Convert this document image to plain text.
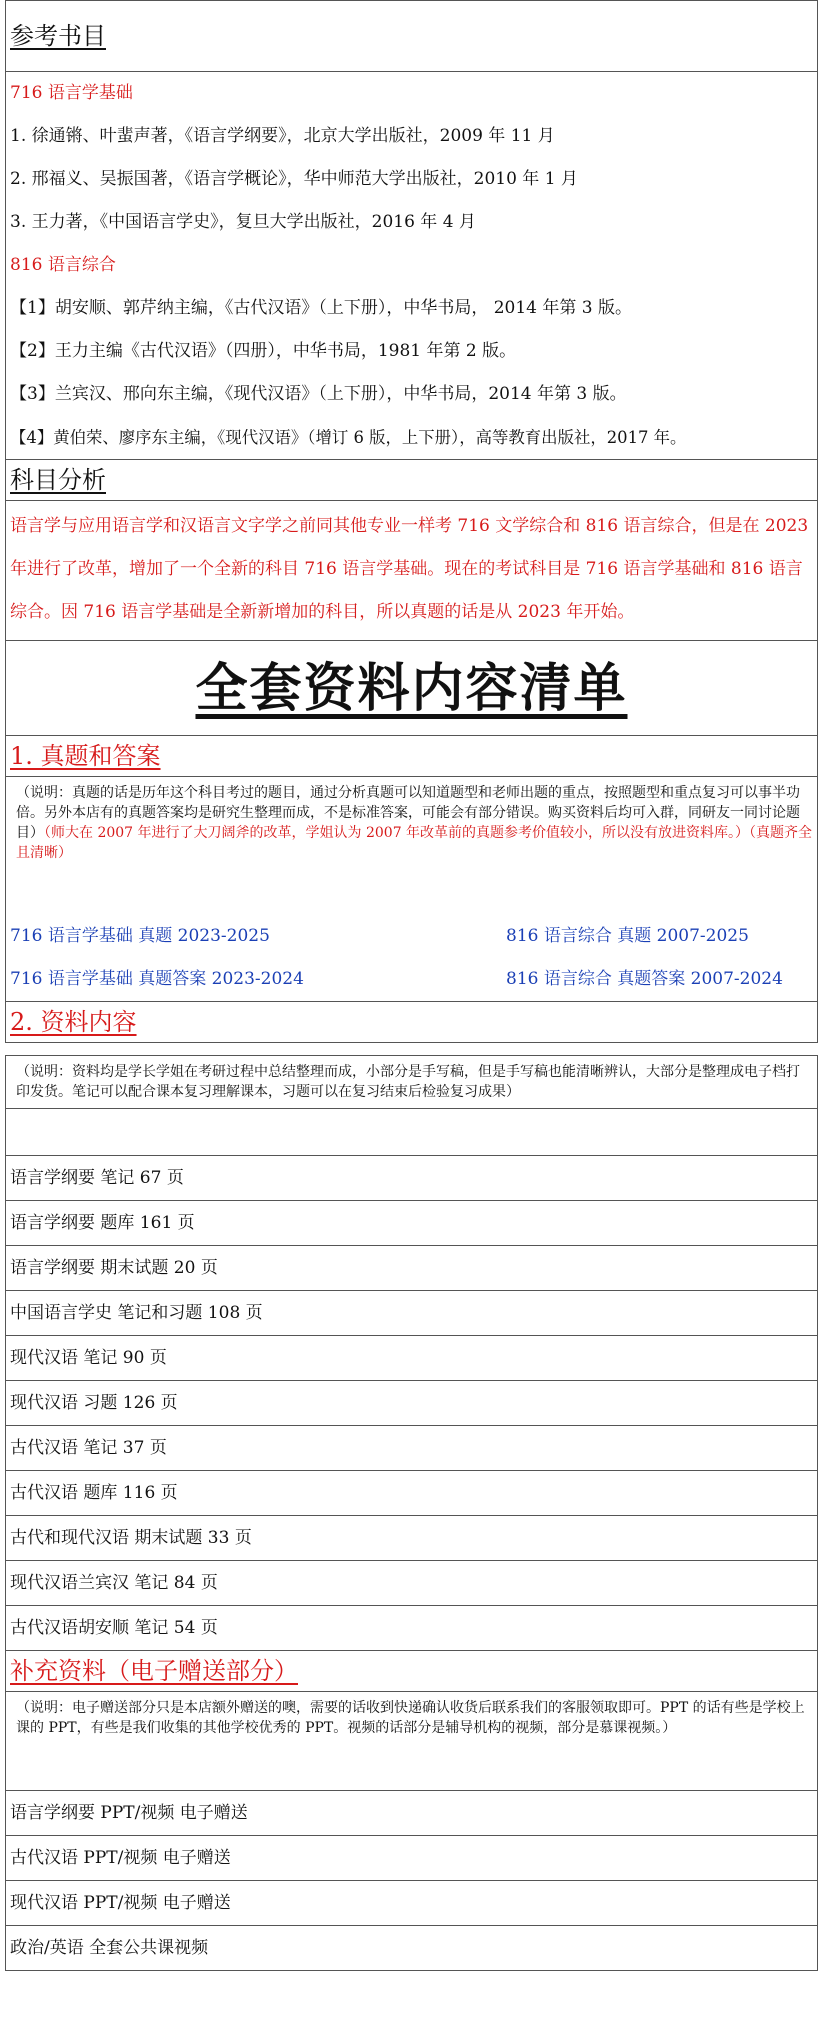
参考书目
716 语言学基础
1. 徐通锵、叶蜚声著，《语言学纲要》，北京大学出版社，2009 年 11 月
2. 邢福义、吴振国著，《语言学概论》，华中师范大学出版社，2010 年 1 月
3. 王力著，《中国语言学史》，复旦大学出版社，2016 年 4 月
816 语言综合
【1】胡安顺、郭芹纳主编，《古代汉语》（上下册），中华书局， 2014 年第 3 版。
【2】王力主编《古代汉语》（四册），中华书局，1981 年第 2 版。
【3】兰宾汉、邢向东主编，《现代汉语》（上下册），中华书局，2014 年第 3 版。
【4】黄伯荣、廖序东主编，《现代汉语》（增订 6 版，上下册），高等教育出版社，2017 年。
科目分析
语言学与应用语言学和汉语言文字学之前同其他专业一样考 716 文学综合和 816 语言综合，但是在 2023 年进行了改革，增加了一个全新的科目 716 语言学基础。现在的考试科目是 716 语言学基础和 816 语言综合。因 716 语言学基础是全新新增加的科目，所以真题的话是从 2023 年开始。
全套资料内容清单
1. 真题和答案
（说明：真题的话是历年这个科目考过的题目，通过分析真题可以知道题型和老师出题的重点，按照题型和重点复习可以事半功倍。另外本店有的真题答案均是研究生整理而成，不是标准答案，可能会有部分错误。购买资料后均可入群，同研友一同讨论题目）（师大在 2007 年进行了大刀阔斧的改革，学姐认为 2007 年改革前的真题参考价值较小，所以没有放进资料库。）（真题齐全且清晰）
716 语言学基础 真题 2023-2025	816 语言综合 真题 2007-2025
716 语言学基础 真题答案 2023-2024	816 语言综合 真题答案 2007-2024
2. 资料内容
（说明：资料均是学长学姐在考研过程中总结整理而成，小部分是手写稿，但是手写稿也能清晰辨认，大部分是整理成电子档打印发货。笔记可以配合课本复习理解课本，习题可以在复习结束后检验复习成果）
语言学纲要 笔记 67 页
语言学纲要 题库 161 页
语言学纲要 期末试题 20 页
中国语言学史 笔记和习题 108 页
现代汉语 笔记 90 页
现代汉语 习题 126 页
古代汉语 笔记 37 页
古代汉语 题库 116 页
古代和现代汉语 期末试题 33 页
现代汉语兰宾汉 笔记 84 页
古代汉语胡安顺 笔记 54 页
补充资料（电子赠送部分）
（说明：电子赠送部分只是本店额外赠送的噢，需要的话收到快递确认收货后联系我们的客服领取即可。PPT 的话有些是学校上课的 PPT，有些是我们收集的其他学校优秀的 PPT。视频的话部分是辅导机构的视频，部分是慕课视频。）
语言学纲要 PPT/视频 电子赠送
古代汉语 PPT/视频 电子赠送
现代汉语 PPT/视频 电子赠送
政治/英语 全套公共课视频
